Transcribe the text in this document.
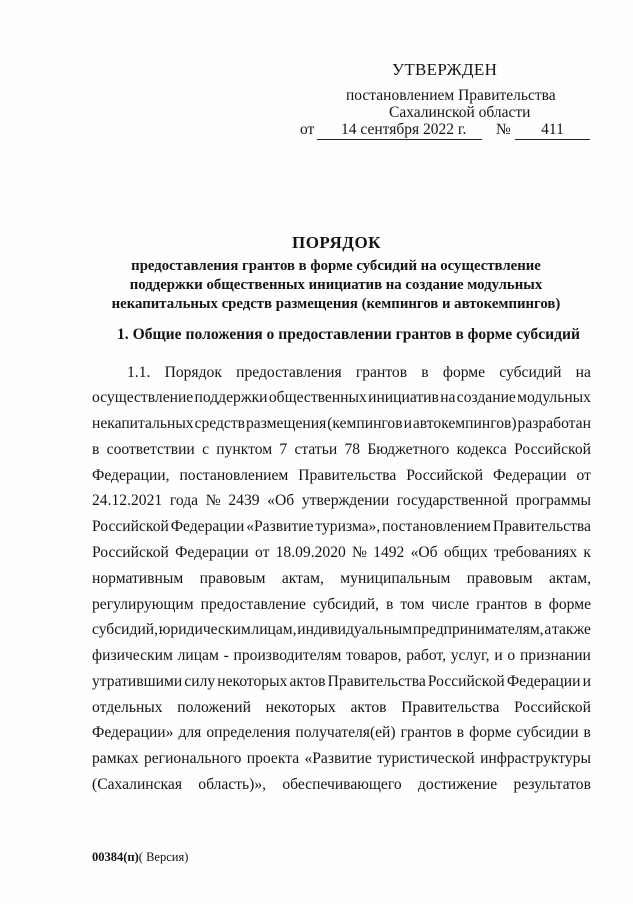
УТВЕРЖДЕН
постановлением Правительства
Сахалинской области
от	14 сентября 2022 г.	№	411
ПОРЯДОК
предоставления грантов в форме субсидий на осуществление
поддержки общественных инициатив на создание модульных
некапитальных средств размещения (кемпингов и автокемпингов)
1. Общие положения о предоставлении грантов в форме субсидий
1.1. Порядок предоставления грантов в форме субсидий на
осуществление поддержки общественных инициатив на создание модульных
некапитальных средств размещения (кемпингов и автокемпингов) разработан
в соответствии с пунктом 7 статьи 78 Бюджетного кодекса Российской
Федерации, постановлением Правительства Российской Федерации от
24.12.2021 года № 2439 «Об утверждении государственной программы
Российской Федерации «Развитие туризма», постановлением Правительства
Российской Федерации от 18.09.2020 № 1492 «Об общих требованиях к
нормативным правовым актам, муниципальным правовым актам,
регулирующим предоставление субсидий, в том числе грантов в форме
субсидий, юридическим лицам, индивидуальным предпринимателям, а также
физическим лицам - производителям товаров, работ, услуг, и о признании
утратившими силу некоторых актов Правительства Российской Федерации и
отдельных положений некоторых актов Правительства Российской
Федерации» для определения получателя(ей) грантов в форме субсидии в
рамках регионального проекта «Развитие туристической инфраструктуры
(Сахалинская область)», обеспечивающего достижение результатов
00384(п)( Версия)
